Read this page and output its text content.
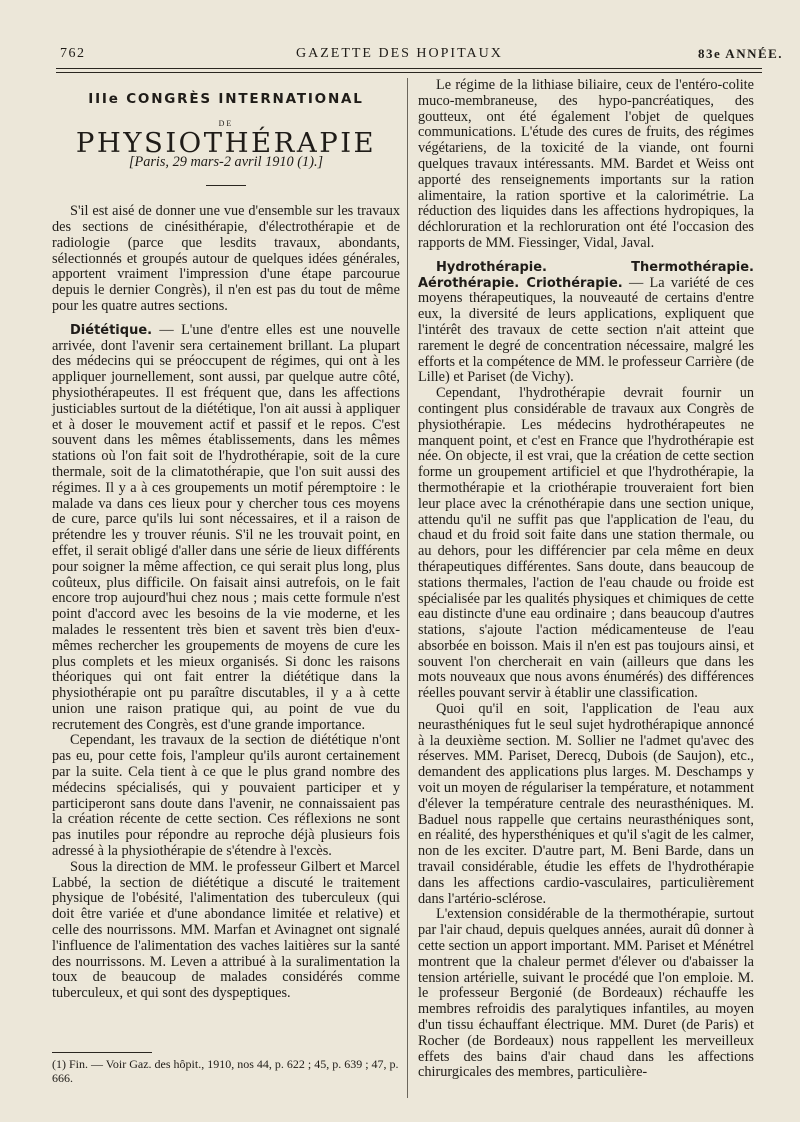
762	GAZETTE DES HOPITAUX	83e ANNÉE.
IIIe CONGRÈS INTERNATIONAL
DE
PHYSIOTHÉRAPIE
[Paris, 29 mars-2 avril 1910 (1).]

S'il est aisé de donner une vue d'ensemble sur les travaux des sections de cinésithérapie, d'électrothérapie et de radiologie (parce que lesdits travaux, abondants, sélectionnés et groupés autour de quelques idées générales, apportent vraiment l'impression d'une étape parcourue depuis le dernier Congrès), il n'en est pas du tout de même pour les quatre autres sections.

Diététique. — L'une d'entre elles est une nouvelle arrivée, dont l'avenir sera certainement brillant. La plupart des médecins qui se préoccupent de régimes, qui ont à les appliquer journellement, sont aussi, par quelque autre côté, physiothérapeutes. Il est fréquent que, dans les affections justiciables surtout de la diététique, l'on ait aussi à appliquer et à doser le mouvement actif et passif et le repos. C'est souvent dans les mêmes établissements, dans les mêmes stations où l'on fait soit de l'hydrothérapie, soit de la cure thermale, soit de la climatothérapie, que l'on suit aussi des régimes. Il y a à ces groupements un motif péremptoire : le malade va dans ces lieux pour y chercher tous ces moyens de cure, parce qu'ils lui sont nécessaires, et il a raison de prétendre les y trouver réunis. S'il ne les trouvait point, en effet, il serait obligé d'aller dans une série de lieux différents pour soigner la même affection, ce qui serait plus long, plus coûteux, plus difficile. On faisait ainsi autrefois, on le fait encore trop aujourd'hui chez nous ; mais cette formule n'est point d'accord avec les besoins de la vie moderne, et les malades le ressentent très bien et savent très bien d'eux-mêmes rechercher les groupements de moyens de cure les plus complets et les mieux organisés. Si donc les raisons théoriques qui ont fait entrer la diététique dans la physiothérapie ont pu paraître discutables, il y a à cette union une raison pratique qui, au point de vue du recrutement des Congrès, est d'une grande importance.

Cependant, les travaux de la section de diététique n'ont pas eu, pour cette fois, l'ampleur qu'ils auront certainement par la suite. Cela tient à ce que le plus grand nombre des médecins spécialisés, qui y pouvaient participer et y participeront sans doute dans l'avenir, ne connaissaient pas la création récente de cette section. Ces réflexions ne sont pas inutiles pour répondre au reproche déjà plusieurs fois adressé à la physiothérapie de s'étendre à l'excès.

Sous la direction de MM. le professeur Gilbert et Marcel Labbé, la section de diététique a discuté le traitement physique de l'obésité, l'alimentation des tuberculeux (qui doit être variée et d'une abondance limitée et relative) et celle des nourrissons. MM. Marfan et Avinagnet ont signalé l'influence de l'alimentation des vaches laitières sur la santé des nourrissons. M. Leven a attribué à la suralimentation la toux de beaucoup de malades considérés comme tuberculeux, et qui sont des dyspeptiques.

Le régime de la lithiase biliaire, ceux de l'entéro-colite muco-membraneuse, des hypo-pancréatiques, des goutteux, ont été également l'objet de quelques communications. L'étude des cures de fruits, des régimes végétariens, de la toxicité de la viande, ont fourni quelques travaux intéressants. MM. Bardet et Weiss ont apporté des renseignements importants sur la ration alimentaire, la ration sportive et la calorimétrie. La réduction des liquides dans les affections hydropiques, la déchloruration et la rechloruration ont été l'occasion des rapports de MM. Fiessinger, Vidal, Javal.

Hydrothérapie. Thermothérapie. Aérothérapie. Criothérapie. — La variété de ces moyens thérapeutiques, la nouveauté de certains d'entre eux, la diversité de leurs applications, expliquent que l'intérêt des travaux de cette section n'ait atteint que rarement le degré de concentration nécessaire, malgré les efforts et la compétence de MM. le professeur Carrière (de Lille) et Pariset (de Vichy).

Cependant, l'hydrothérapie devrait fournir un contingent plus considérable de travaux aux Congrès de physiothérapie. Les médecins hydrothérapeutes ne manquent point, et c'est en France que l'hydrothérapie est née. On objecte, il est vrai, que la création de cette section forme un groupement artificiel et que l'hydrothérapie, la thermothérapie et la criothérapie trouveraient fort bien leur place avec la crénothérapie dans une section unique, attendu qu'il ne suffit pas que l'application de l'eau, du chaud et du froid soit faite dans une station thermale, ou au dehors, pour les différencier par cela même en deux thérapeutiques différentes. Sans doute, dans beaucoup de stations thermales, l'action de l'eau chaude ou froide est spécialisée par les qualités physiques et chimiques de cette eau distincte d'une eau ordinaire ; dans beaucoup d'autres stations, s'ajoute l'action médicamenteuse de l'eau absorbée en boisson. Mais il n'en est pas toujours ainsi, et souvent l'on chercherait en vain (ailleurs que dans les mots nouveaux que nous avons énumérés) des différences réelles pouvant servir à établir une classification.

Quoi qu'il en soit, l'application de l'eau aux neurasthéniques fut le seul sujet hydrothérapique annoncé à la deuxième section. M. Sollier ne l'admet qu'avec des réserves. MM. Pariset, Derecq, Dubois (de Saujon), etc., demandent des applications plus larges. M. Deschamps y voit un moyen de régulariser la température, et notamment d'élever la température centrale des neurasthéniques. M. Baduel nous rappelle que certains neurasthéniques sont, en réalité, des hypersthéniques et qu'il s'agit de les calmer, non de les exciter. D'autre part, M. Beni Barde, dans un travail considérable, étudie les effets de l'hydrothérapie dans les affections cardio-vasculaires, particulièrement dans l'artério-sclérose.

L'extension considérable de la thermothérapie, surtout par l'air chaud, depuis quelques années, aurait dû donner à cette section un apport important. MM. Pariset et Ménétrel montrent que la chaleur permet d'élever ou d'abaisser la tension artérielle, suivant le procédé que l'on emploie. M. le professeur Bergonié (de Bordeaux) réchauffe les membres refroidis des paralytiques infantiles, au moyen d'un tissu échauffant électrique. MM. Duret (de Paris) et Rocher (de Bordeaux) nous rappellent les merveilleux effets des bains d'air chaud dans les affections chirurgicales des membres, particulière-

(1) Fin. — Voir Gaz. des hôpit., 1910, nos 44, p. 622 ; 45, p. 639 ; 47, p. 666.
